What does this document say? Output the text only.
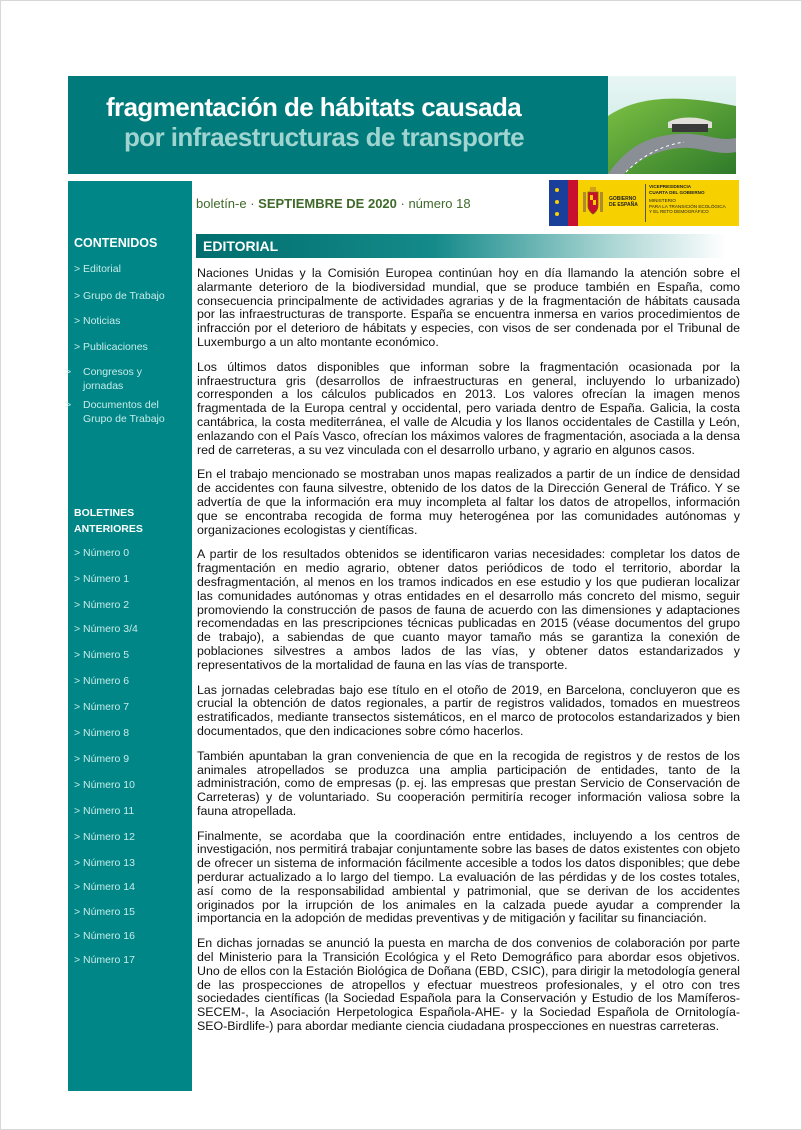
fragmentación de hábitats causada
por infraestructuras de transporte
CONTENIDOS
> Editorial
> Grupo de Trabajo
> Noticias
> Publicaciones
> Congresos y jornadas
> Documentos del Grupo de Trabajo
BOLETINES ANTERIORES
> Número 0
> Número 1
> Número 2
> Número 3/4
> Número 5
> Número 6
> Número 7
> Número 8
> Número 9
> Número 10
> Número 11
> Número 12
> Número 13
> Número 14
> Número 15
> Número 16
> Número 17
boletín-e · SEPTIEMBRE DE 2020 · número 18	GOBIERNO
DE ESPAÑA
VICEPRESIDENCIA
CUARTA DEL GOBIERNO
MINISTERIO
PARA LA TRANSICIÓN ECOLÓGICA
Y EL RETO DEMOGRÁFICO
EDITORIAL

Naciones Unidas y la Comisión Europea continúan hoy en día llamando la atención sobre el alarmante deterioro de la biodiversidad mundial, que se produce también en España, como consecuencia principalmente de actividades agrarias y de la fragmentación de hábitats causada por las infraestructuras de transporte. España se encuentra inmersa en varios procedimientos de infracción por el deterioro de hábitats y especies, con visos de ser condenada por el Tribunal de Luxemburgo a un alto montante económico.

Los últimos datos disponibles que informan sobre la fragmentación ocasionada por la infraestructura gris (desarrollos de infraestructuras en general, incluyendo lo urbanizado) corresponden a los cálculos publicados en 2013. Los valores ofrecían la imagen menos fragmentada de la Europa central y occidental, pero variada dentro de España. Galicia, la costa cantábrica, la costa mediterránea, el valle de Alcudia y los llanos occidentales de Castilla y León, enlazando con el País Vasco, ofrecían los máximos valores de fragmentación, asociada a la densa red de carreteras, a su vez vinculada con el desarrollo urbano, y agrario en algunos casos.

En el trabajo mencionado se mostraban unos mapas realizados a partir de un índice de densidad de accidentes con fauna silvestre, obtenido de los datos de la Dirección General de Tráfico. Y se advertía de que la información era muy incompleta al faltar los datos de atropellos, información que se encontraba recogida de forma muy heterogénea por las comunidades autónomas y organizaciones ecologistas y científicas.

A partir de los resultados obtenidos se identificaron varias necesidades: completar los datos de fragmentación en medio agrario, obtener datos periódicos de todo el territorio, abordar la desfragmentación, al menos en los tramos indicados en ese estudio y los que pudieran localizar las comunidades autónomas y otras entidades en el desarrollo más concreto del mismo, seguir promoviendo la construcción de pasos de fauna de acuerdo con las dimensiones y adaptaciones recomendadas en las prescripciones técnicas publicadas en 2015 (véase documentos del grupo de trabajo), a sabiendas de que cuanto mayor tamaño más se garantiza la conexión de poblaciones silvestres a ambos lados de las vías, y obtener datos estandarizados y representativos de la mortalidad de fauna en las vías de transporte.

Las jornadas celebradas bajo ese título en el otoño de 2019, en Barcelona, concluyeron que es crucial la obtención de datos regionales, a partir de registros validados, tomados en muestreos estratificados, mediante transectos sistemáticos, en el marco de protocolos estandarizados y bien documentados, que den indicaciones sobre cómo hacerlos.

También apuntaban la gran conveniencia de que en la recogida de registros y de restos de los animales atropellados se produzca una amplia participación de entidades, tanto de la administración, como de empresas (p. ej. las empresas que prestan Servicio de Conservación de Carreteras) y de voluntariado. Su cooperación permitiría recoger información valiosa sobre la fauna atropellada.

Finalmente, se acordaba que la coordinación entre entidades, incluyendo a los centros de investigación, nos permitirá trabajar conjuntamente sobre las bases de datos existentes con objeto de ofrecer un sistema de información fácilmente accesible a todos los datos disponibles; que debe perdurar actualizado a lo largo del tiempo. La evaluación de las pérdidas y de los costes totales, así como de la responsabilidad ambiental y patrimonial, que se derivan de los accidentes originados por la irrupción de los animales en la calzada puede ayudar a comprender la importancia en la adopción de medidas preventivas y de mitigación y facilitar su financiación.

En dichas jornadas se anunció la puesta en marcha de dos convenios de colaboración por parte del Ministerio para la Transición Ecológica y el Reto Demográfico para abordar esos objetivos. Uno de ellos con la Estación Biológica de Doñana (EBD, CSIC), para dirigir la metodología general de las prospecciones de atropellos y efectuar muestreos profesionales, y el otro con tres sociedades científicas (la Sociedad Española para la Conservación y Estudio de los Mamíferos-SECEM-, la Asociación Herpetologica Española-AHE- y la Sociedad Española de Ornitología-SEO-Birdlife-) para abordar mediante ciencia ciudadana prospecciones en nuestras carreteras.
